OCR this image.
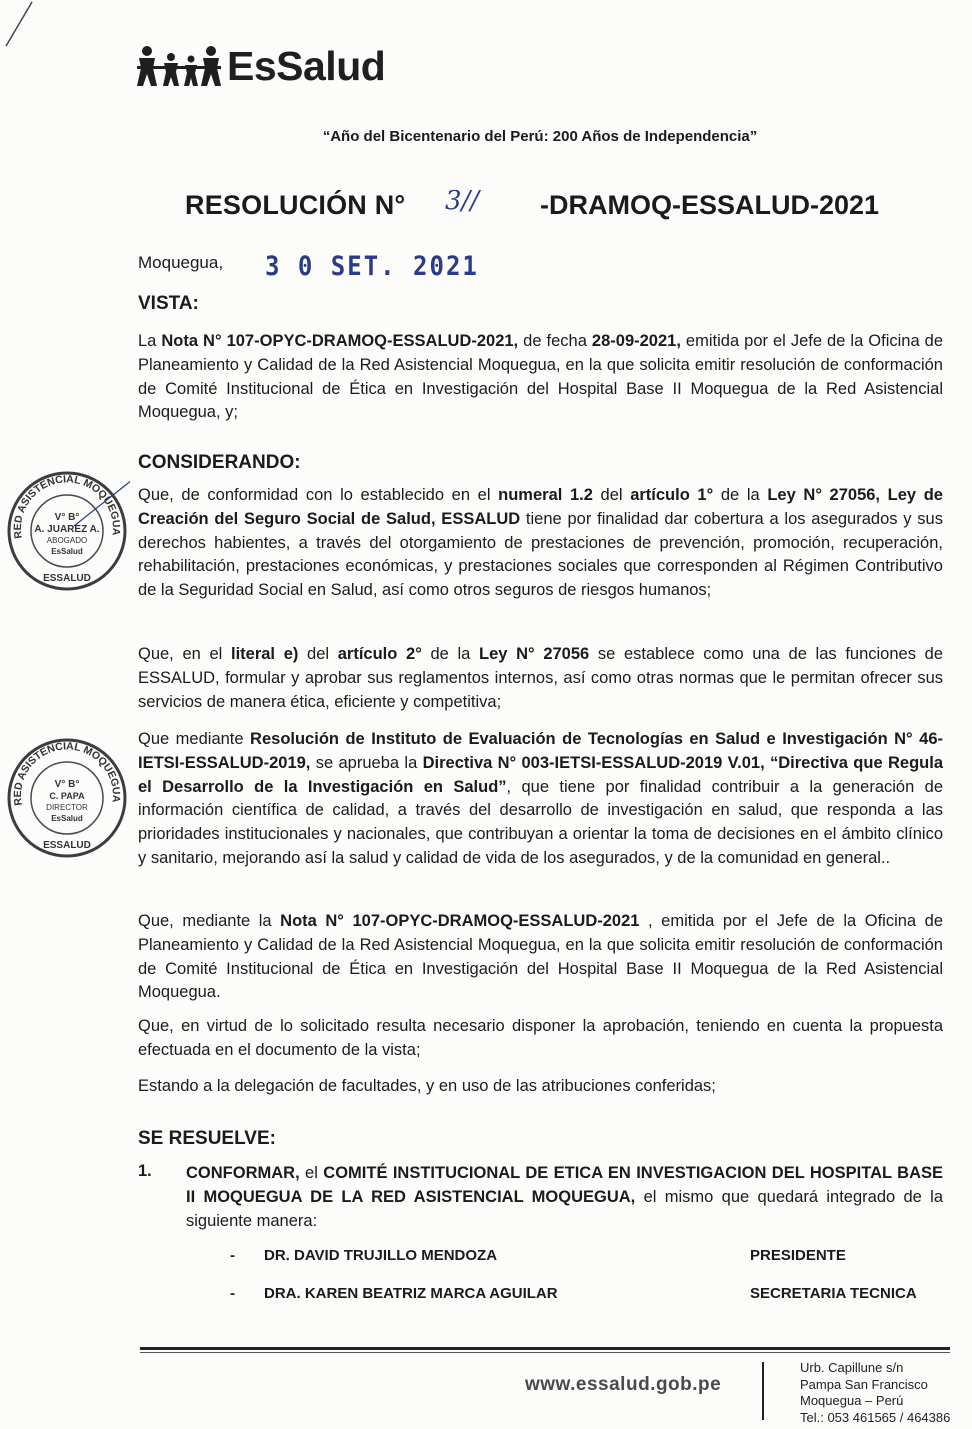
EsSalud
“Año del Bicentenario del Perú: 200 Años de Independencia”
RESOLUCIÓN N° 3// -DRAMOQ-ESSALUD-2021
Moquegua, 3 0 SET. 2021
VISTA:
La Nota N° 107-OPYC-DRAMOQ-ESSALUD-2021, de fecha 28-09-2021, emitida por el Jefe de la Oficina de Planeamiento y Calidad de la Red Asistencial Moquegua, en la que solicita emitir resolución de conformación de Comité Institucional de Ética en Investigación del Hospital Base II Moquegua de la Red Asistencial Moquegua, y;
CONSIDERANDO:
Que, de conformidad con lo establecido en el numeral 1.2 del artículo 1° de la Ley N° 27056, Ley de Creación del Seguro Social de Salud, ESSALUD tiene por finalidad dar cobertura a los asegurados y sus derechos habientes, a través del otorgamiento de prestaciones de prevención, promoción, recuperación, rehabilitación, prestaciones económicas, y prestaciones sociales que corresponden al Régimen Contributivo de la Seguridad Social en Salud, así como otros seguros de riesgos humanos;
Que, en el literal e) del artículo 2° de la Ley N° 27056 se establece como una de las funciones de ESSALUD, formular y aprobar sus reglamentos internos, así como otras normas que le permitan ofrecer sus servicios de manera ética, eficiente y competitiva;
Que mediante Resolución de Instituto de Evaluación de Tecnologías en Salud e Investigación N° 46-IETSI-ESSALUD-2019, se aprueba la Directiva N° 003-IETSI-ESSALUD-2019 V.01, “Directiva que Regula el Desarrollo de la Investigación en Salud”, que tiene por finalidad contribuir a la generación de información científica de calidad, a través del desarrollo de investigación en salud, que responda a las prioridades institucionales y nacionales, que contribuyan a orientar la toma de decisiones en el ámbito clínico y sanitario, mejorando así la salud y calidad de vida de los asegurados, y de la comunidad en general..
Que, mediante la Nota N° 107-OPYC-DRAMOQ-ESSALUD-2021 , emitida por el Jefe de la Oficina de Planeamiento y Calidad de la Red Asistencial Moquegua, en la que solicita emitir resolución de conformación de Comité Institucional de Ética en Investigación del Hospital Base II Moquegua de la Red Asistencial Moquegua.
Que, en virtud de lo solicitado resulta necesario disponer la aprobación, teniendo en cuenta la propuesta efectuada en el documento de la vista;
Estando a la delegación de facultades, y en uso de las atribuciones conferidas;
SE RESUELVE:
1. CONFORMAR, el COMITÉ INSTITUCIONAL DE ETICA EN INVESTIGACION DEL HOSPITAL BASE II MOQUEGUA DE LA RED ASISTENCIAL MOQUEGUA, el mismo que quedará integrado de la siguiente manera:
- DR. DAVID TRUJILLO MENDOZA	PRESIDENTE
- DRA. KAREN BEATRIZ MARCA AGUILAR	SECRETARIA TECNICA
RED ASISTENCIAL MOQUEGUA
V° B°
A. JUAREZ A.
ABOGADO
EsSalud
ESSALUD
RED ASISTENCIAL MOQUEGUA
V° B°
C. PAPA
DIRECTOR
EsSalud
ESSALUD
www.essalud.gob.pe
Urb. Capillune s/n
Pampa San Francisco
Moquegua – Perú
Tel.: 053 461565 / 464386
